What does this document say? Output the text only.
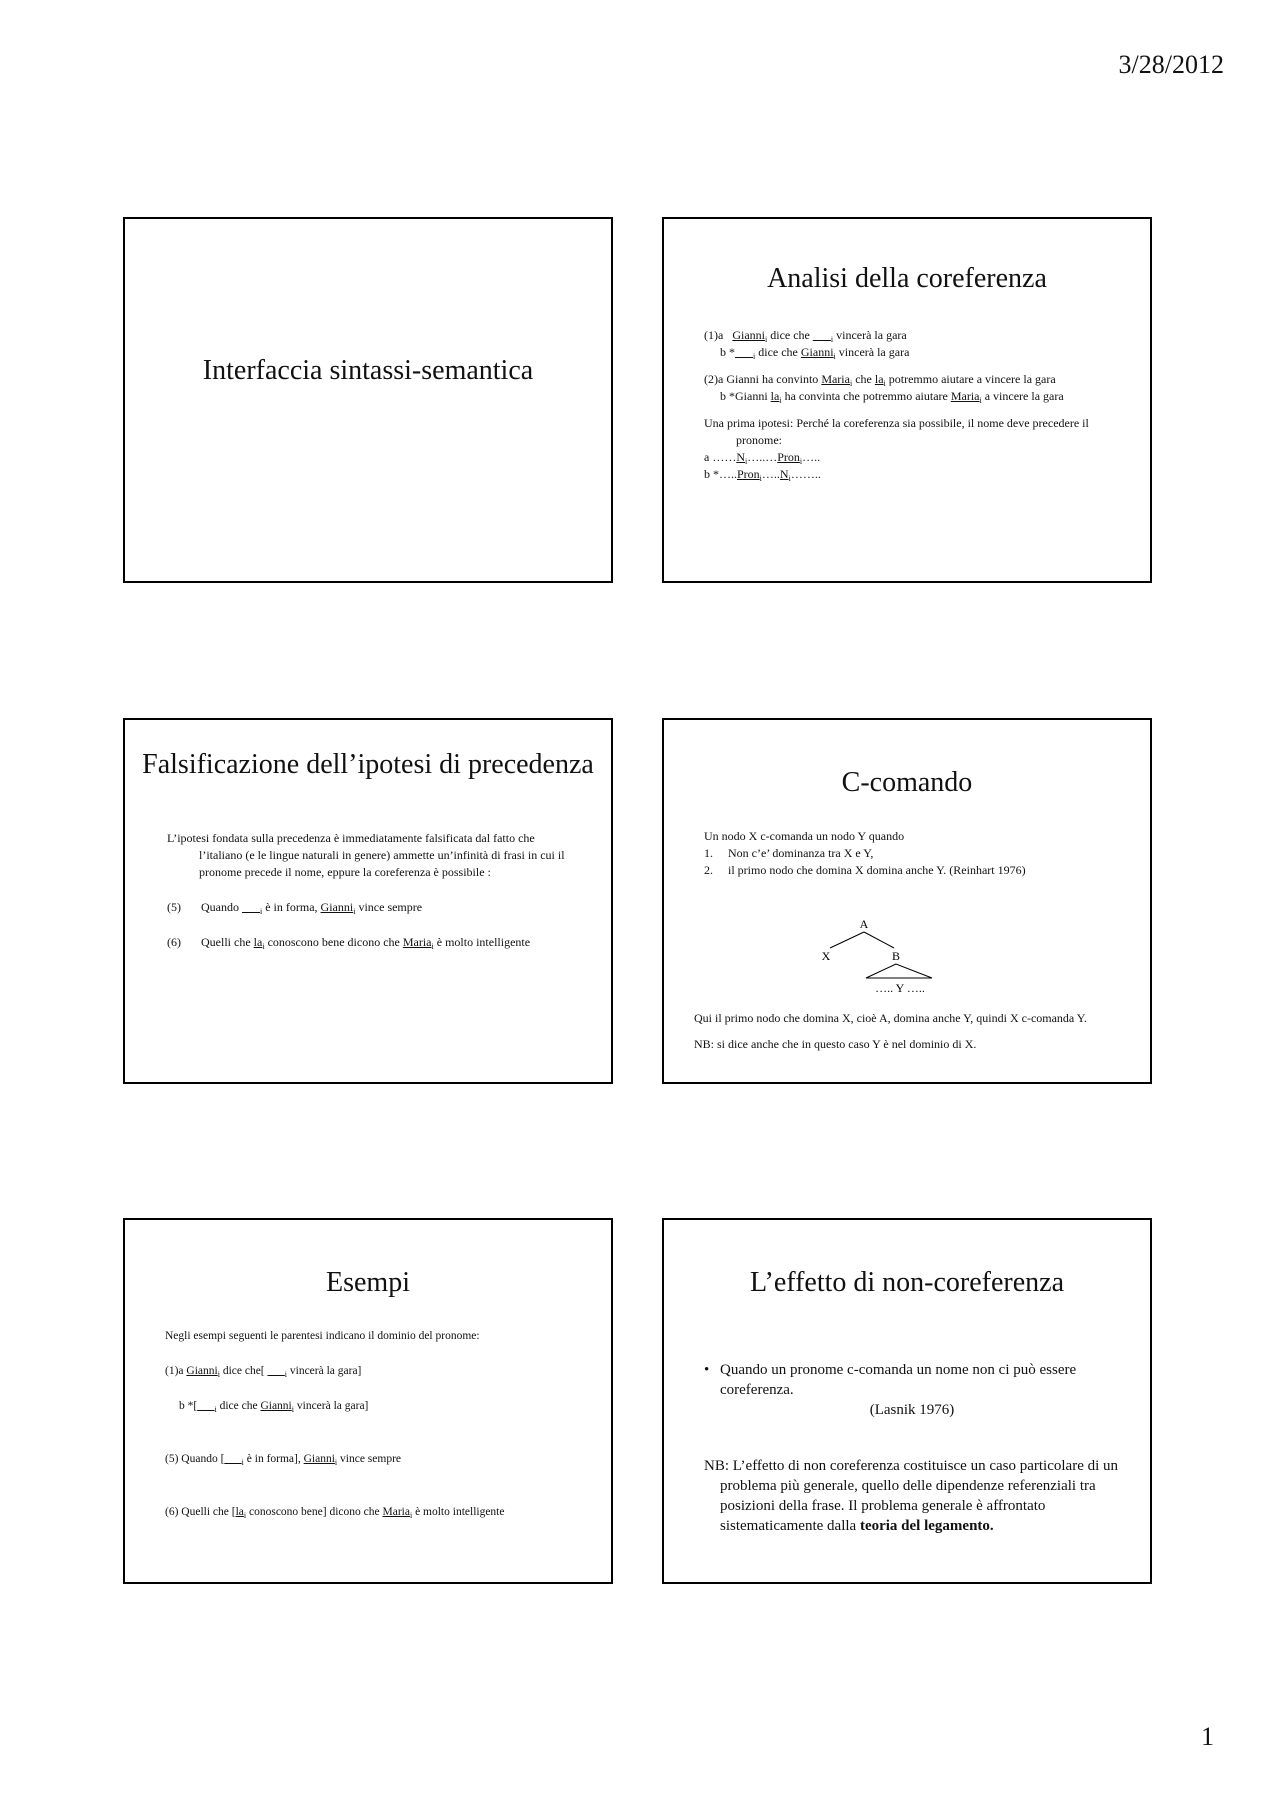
3/28/2012
Interfaccia sintassi-semantica
Analisi della coreferenza

(1)a Gianni$_i$ dice che $\_\_\__i$ vincerà la gara

b $*\_\_\__i$ dice che Gianni$_i$ vincerà la gara

(2)a Gianni ha convinto Maria$_i$ che $la_i$ potremmo aiutare a vincere la gara

b *Gianni $la_i$ ha convinta che potremmo aiutare Maria$_i$ a vincere la gara

Una prima ipotesi: Perché la coreferenza sia possibile, il nome deve precedere il pronome:

a $\dots\dots N_i\dots..\dots Pron_i\dots$..

b $*\dots..Pron_i\dots..N_i\dots\dots$..

Falsificazione dell’ipotesi di precedenza

L’ipotesi fondata sulla precedenza è immediatamente falsificata dal fatto che l’italiano (e le lingue naturali in genere) ammette un’infinità di frasi in cui il pronome precede il nome, eppure la coreferenza è possibile :

(5)	Quando $\_\_\__i$ è in forma, Gianni$_i$ vince sempre
(6)	Quelli che $la_i$ conoscono bene dicono che Maria$_i$ è molto intelligente
C-comando

Un nodo X c-comanda un nodo Y quando

1.	Non c’e’ dominanza tra X e Y,
2.	il primo nodo che domina X domina anche Y. (Reinhart 1976)
A
X	B
….. Y …..

Qui il primo nodo che domina X, cioè A, domina anche Y, quindi X c-comanda Y.

NB: si dice anche che in questo caso Y è nel dominio di X.

Esempi

Negli esempi seguenti le parentesi indicano il dominio del pronome:

(1)a Gianni$_i$ dice che[ $\_\_\__i$ vincerà la gara]

b $*[\_\_\__i$ dice che Gianni$_i$ vincerà la gara]

(5) Quando [$\_\_\__i$ è in forma], Gianni$_i$ vince sempre

(6) Quelli che [$la_i$ conoscono bene] dicono che Maria$_i$ è molto intelligente

L’effetto di non-coreferenza
• Quando un pronome c-comanda un nome non ci può essere coreferenza.

(Lasnik 1976)

NB: L’effetto di non coreferenza costituisce un caso particolare di un problema più generale, quello delle dipendenze referenziali tra posizioni della frase. Il problema generale è affrontato sistematicamente dalla teoria del legamento.

1
